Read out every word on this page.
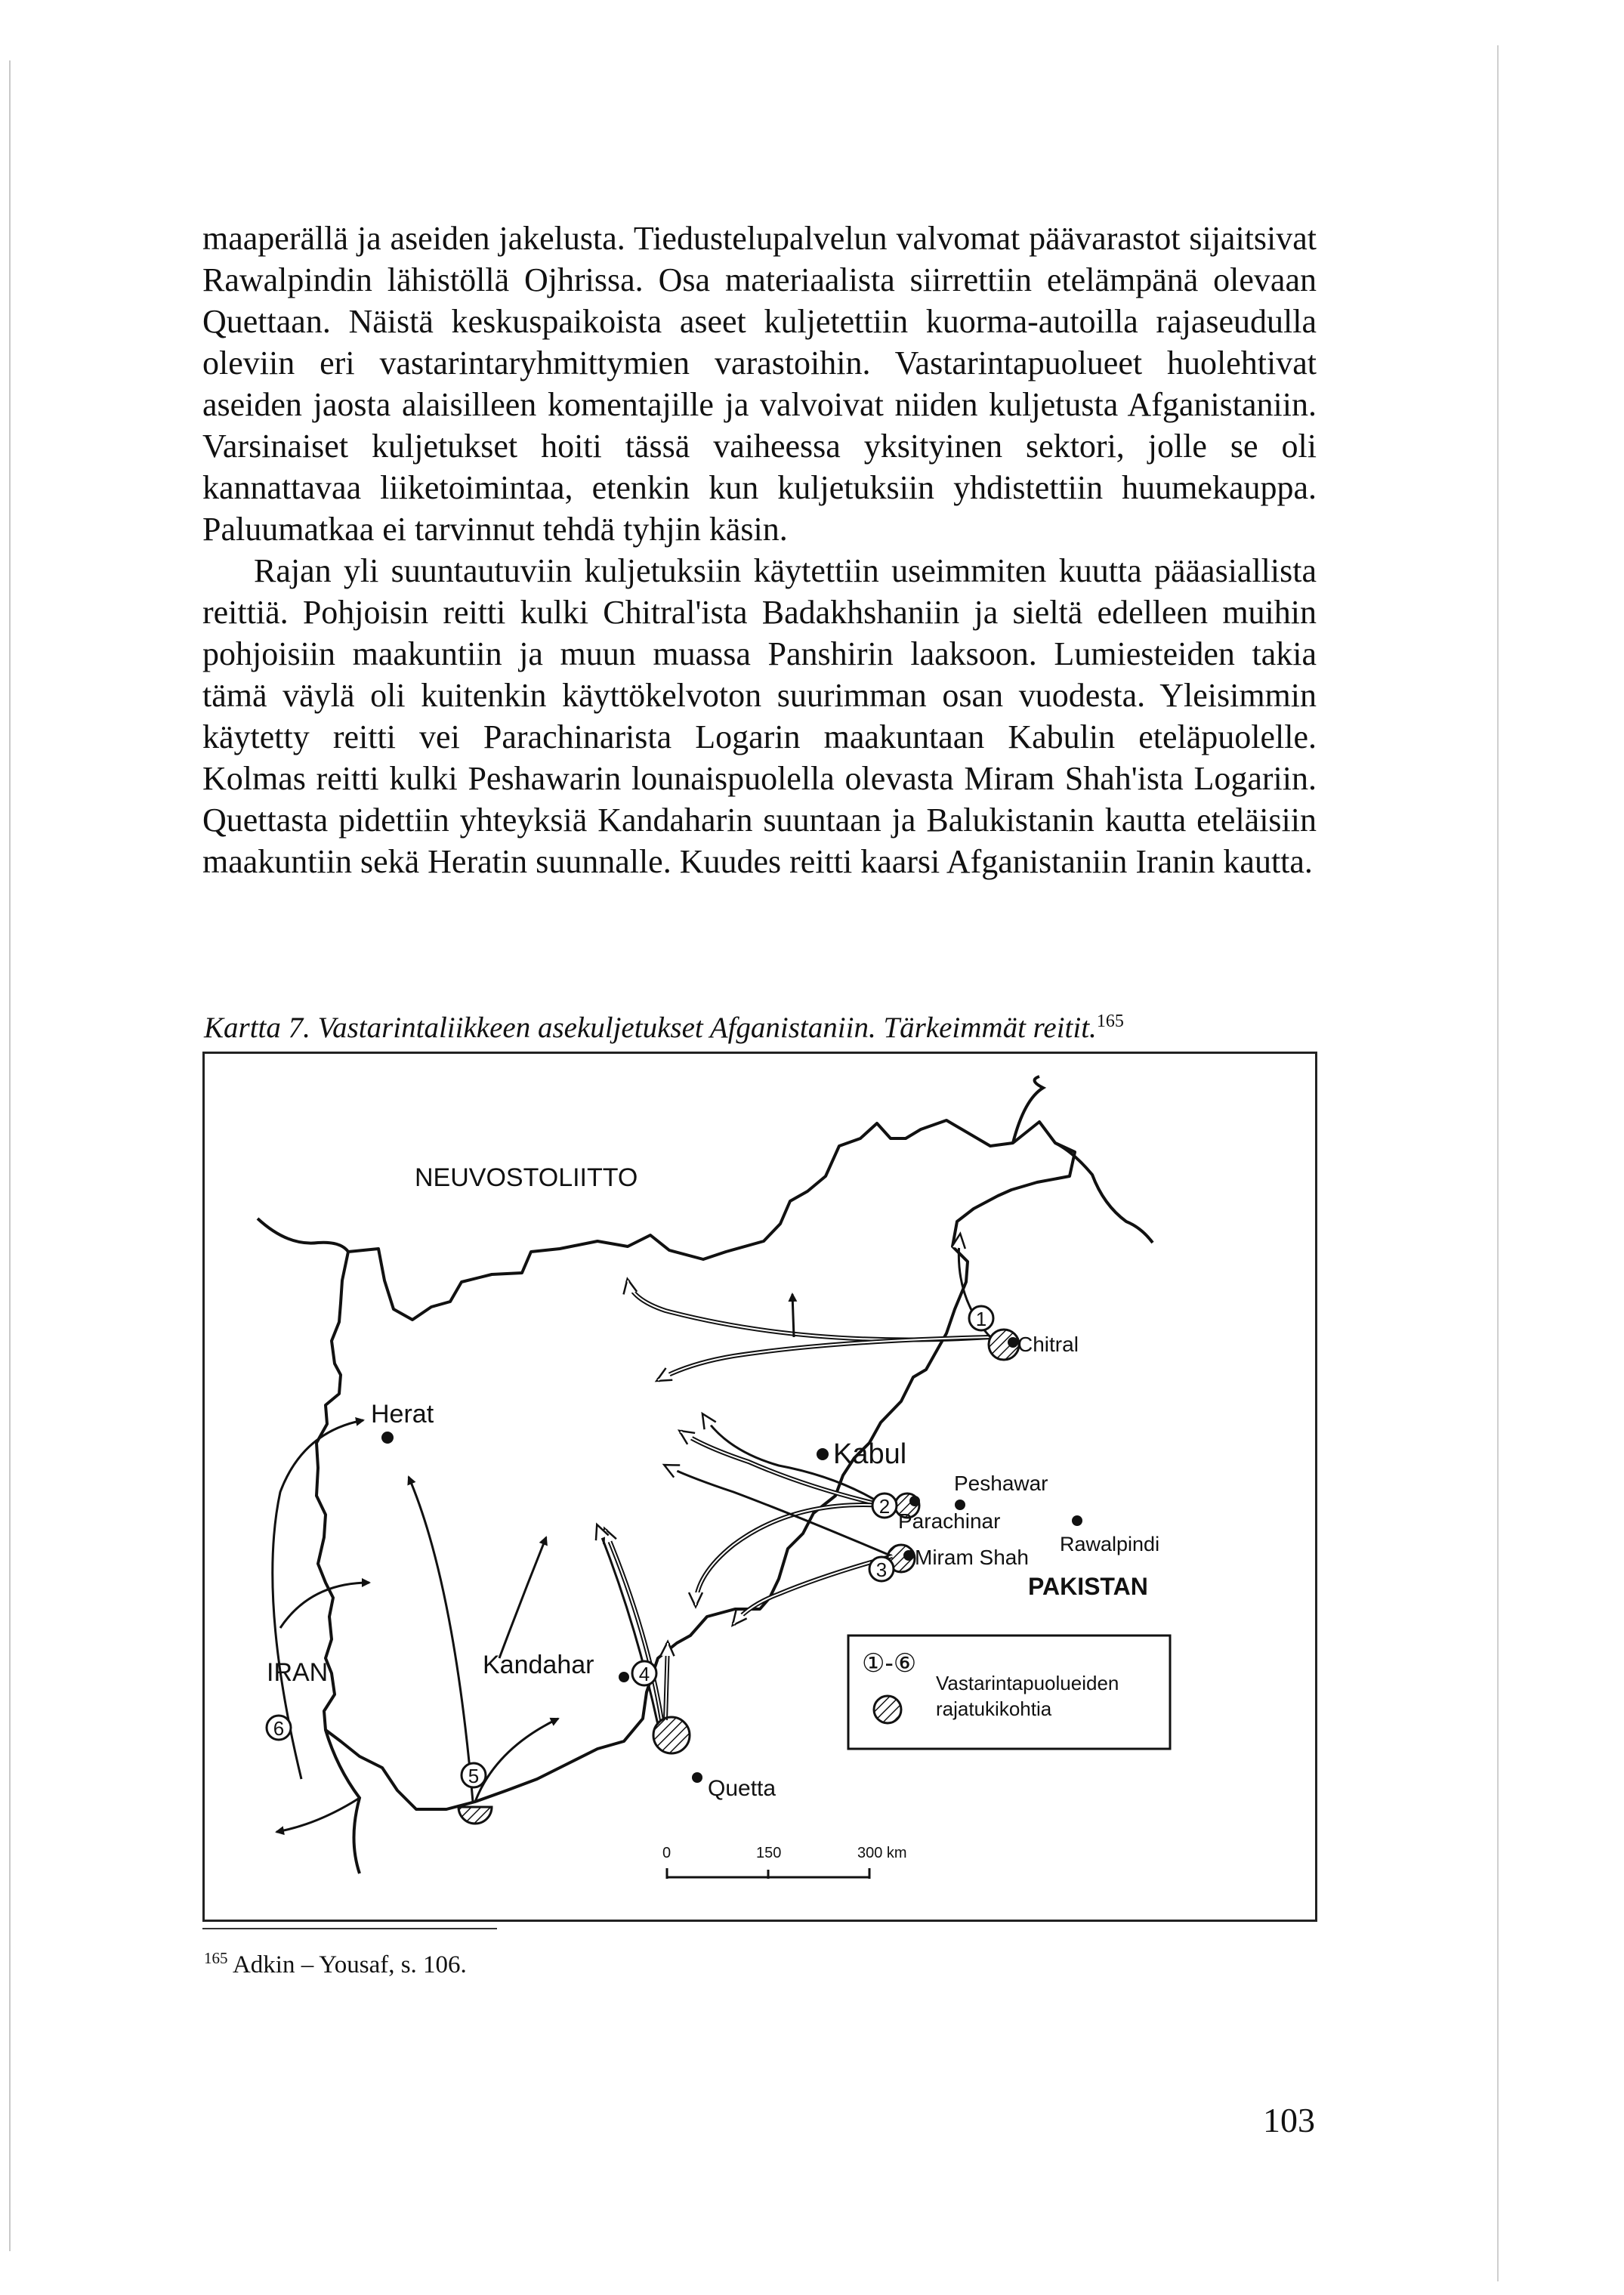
maaperällä ja aseiden jakelusta. Tiedustelupalvelun valvomat päävarastot sijaitsivat Rawalpindin lähistöllä Ojhrissa. Osa materiaalista siirrettiin etelämpänä olevaan Quettaan. Näistä keskuspaikoista aseet kuljetettiin kuorma-autoilla rajaseudulla oleviin eri vastarintaryhmittymien varastoihin. Vastarintapuolueet huolehtivat aseiden jaosta alaisilleen komentajille ja valvoivat niiden kuljetusta Afganistaniin. Varsinaiset kuljetukset hoiti tässä vaiheessa yksityinen sektori, jolle se oli kannattavaa liiketoimintaa, etenkin kun kuljetuksiin yhdistettiin huumekauppa. Paluumatkaa ei tarvinnut tehdä tyhjin käsin.

Rajan yli suuntautuviin kuljetuksiin käytettiin useimmiten kuutta pääasiallista reittiä. Pohjoisin reitti kulki Chitral'ista Badakhshaniin ja sieltä edelleen muihin pohjoisiin maakuntiin ja muun muassa Panshirin laaksoon. Lumiesteiden takia tämä väylä oli kuitenkin käyttökelvoton suurimman osan vuodesta. Yleisimmin käytetty reitti vei Parachinarista Logarin maakuntaan Kabulin eteläpuolelle. Kolmas reitti kulki Peshawarin lounaispuolella olevasta Miram Shah'ista Logariin. Quettasta pidettiin yhteyksiä Kandaharin suuntaan ja Balukistanin kautta eteläisiin maakuntiin sekä Heratin suunnalle. Kuudes reitti kaarsi Afganistaniin Iranin kautta.

Kartta 7. Vastarintaliikkeen asekuljetukset Afganistaniin. Tärkeimmät reitit.$^{165}$
Herat
Kabul
Kandahar
Quetta
Chitral
Peshawar
Parachinar
Rawalpindi
Miram Shah
NEUVOSTOLIITTO
IRAN
PAKISTAN
1
2
3
4
5
6
①-⑥
Vastarintapuolueiden
rajatukikohtia
0	150	300 km
$^{165}$ Adkin – Yousaf, s. 106.
103
